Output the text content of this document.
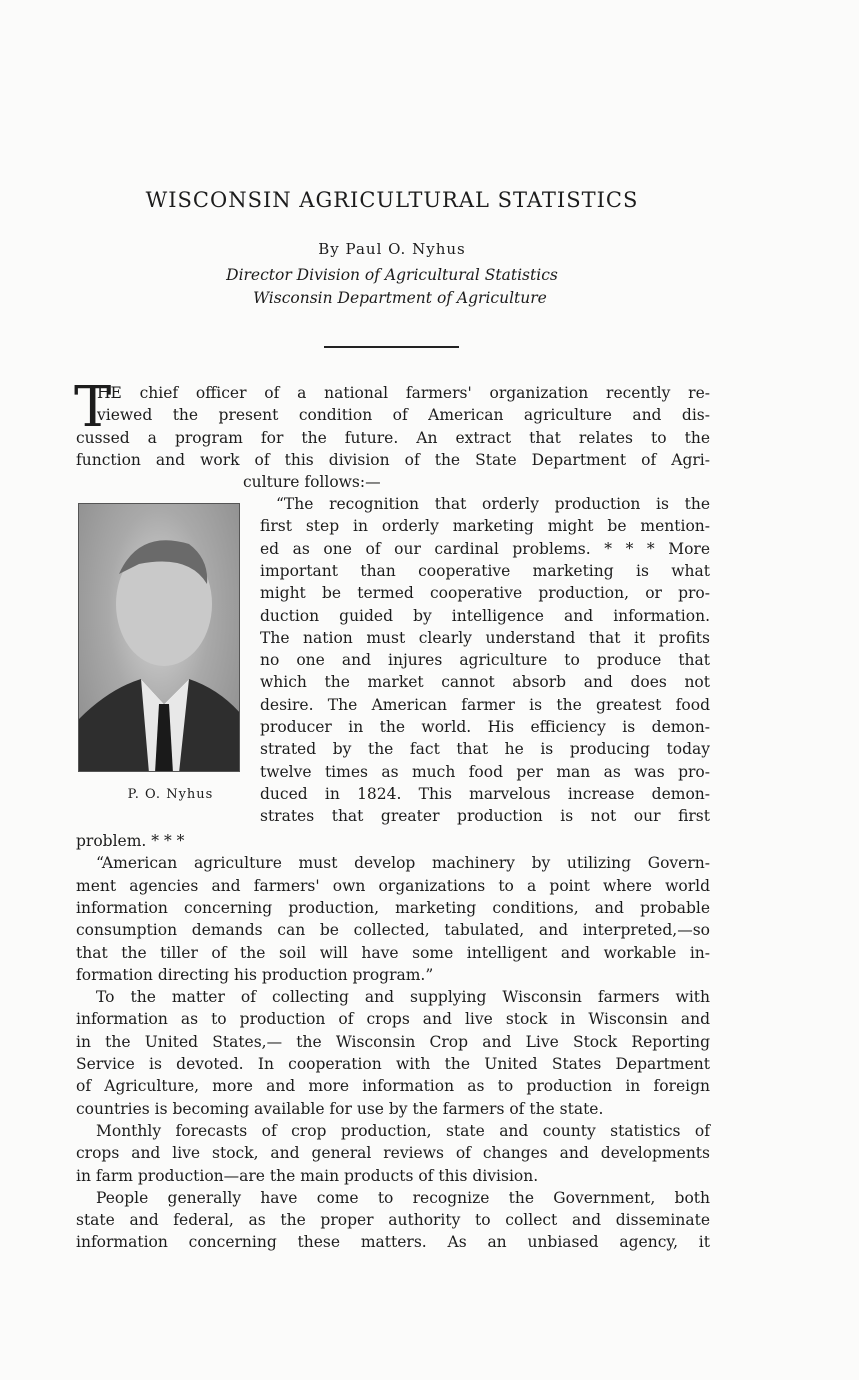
WISCONSIN AGRICULTURAL STATISTICS
By Paul O. Nyhus
Director Division of Agricultural Statistics
Wisconsin Department of Agriculture
T
P. O. Nyhus
HE chief officer of a national farmers' organization recently re-
viewed the present condition of American agriculture and dis-
cussed a program for the future. An extract that relates to the
function and work of this division of the State Department of Agri-
culture follows:—
“The recognition that orderly production is the
first step in orderly marketing might be mention-
ed as one of our cardinal problems. * * * More
important than cooperative marketing is what
might be termed cooperative production, or pro-
duction guided by intelligence and information.
The nation must clearly understand that it profits
no one and injures agriculture to produce that
which the market cannot absorb and does not
desire. The American farmer is the greatest food
producer in the world. His efficiency is demon-
strated by the fact that he is producing today
twelve times as much food per man as was pro-
duced in 1824. This marvelous increase demon-
strates that greater production is not our first
problem. * * *
“American agriculture must develop machinery by utilizing Govern-
ment agencies and farmers' own organizations to a point where world
information concerning production, marketing conditions, and probable
consumption demands can be collected, tabulated, and interpreted,—so
that the tiller of the soil will have some intelligent and workable in-
formation directing his production program.”
To the matter of collecting and supplying Wisconsin farmers with
information as to production of crops and live stock in Wisconsin and
in the United States,— the Wisconsin Crop and Live Stock Reporting
Service is devoted. In cooperation with the United States Department
of Agriculture, more and more information as to production in foreign
countries is becoming available for use by the farmers of the state.
Monthly forecasts of crop production, state and county statistics of
crops and live stock, and general reviews of changes and developments
in farm production—are the main products of this division.
People generally have come to recognize the Government, both
state and federal, as the proper authority to collect and disseminate
information concerning these matters. As an unbiased agency, it
